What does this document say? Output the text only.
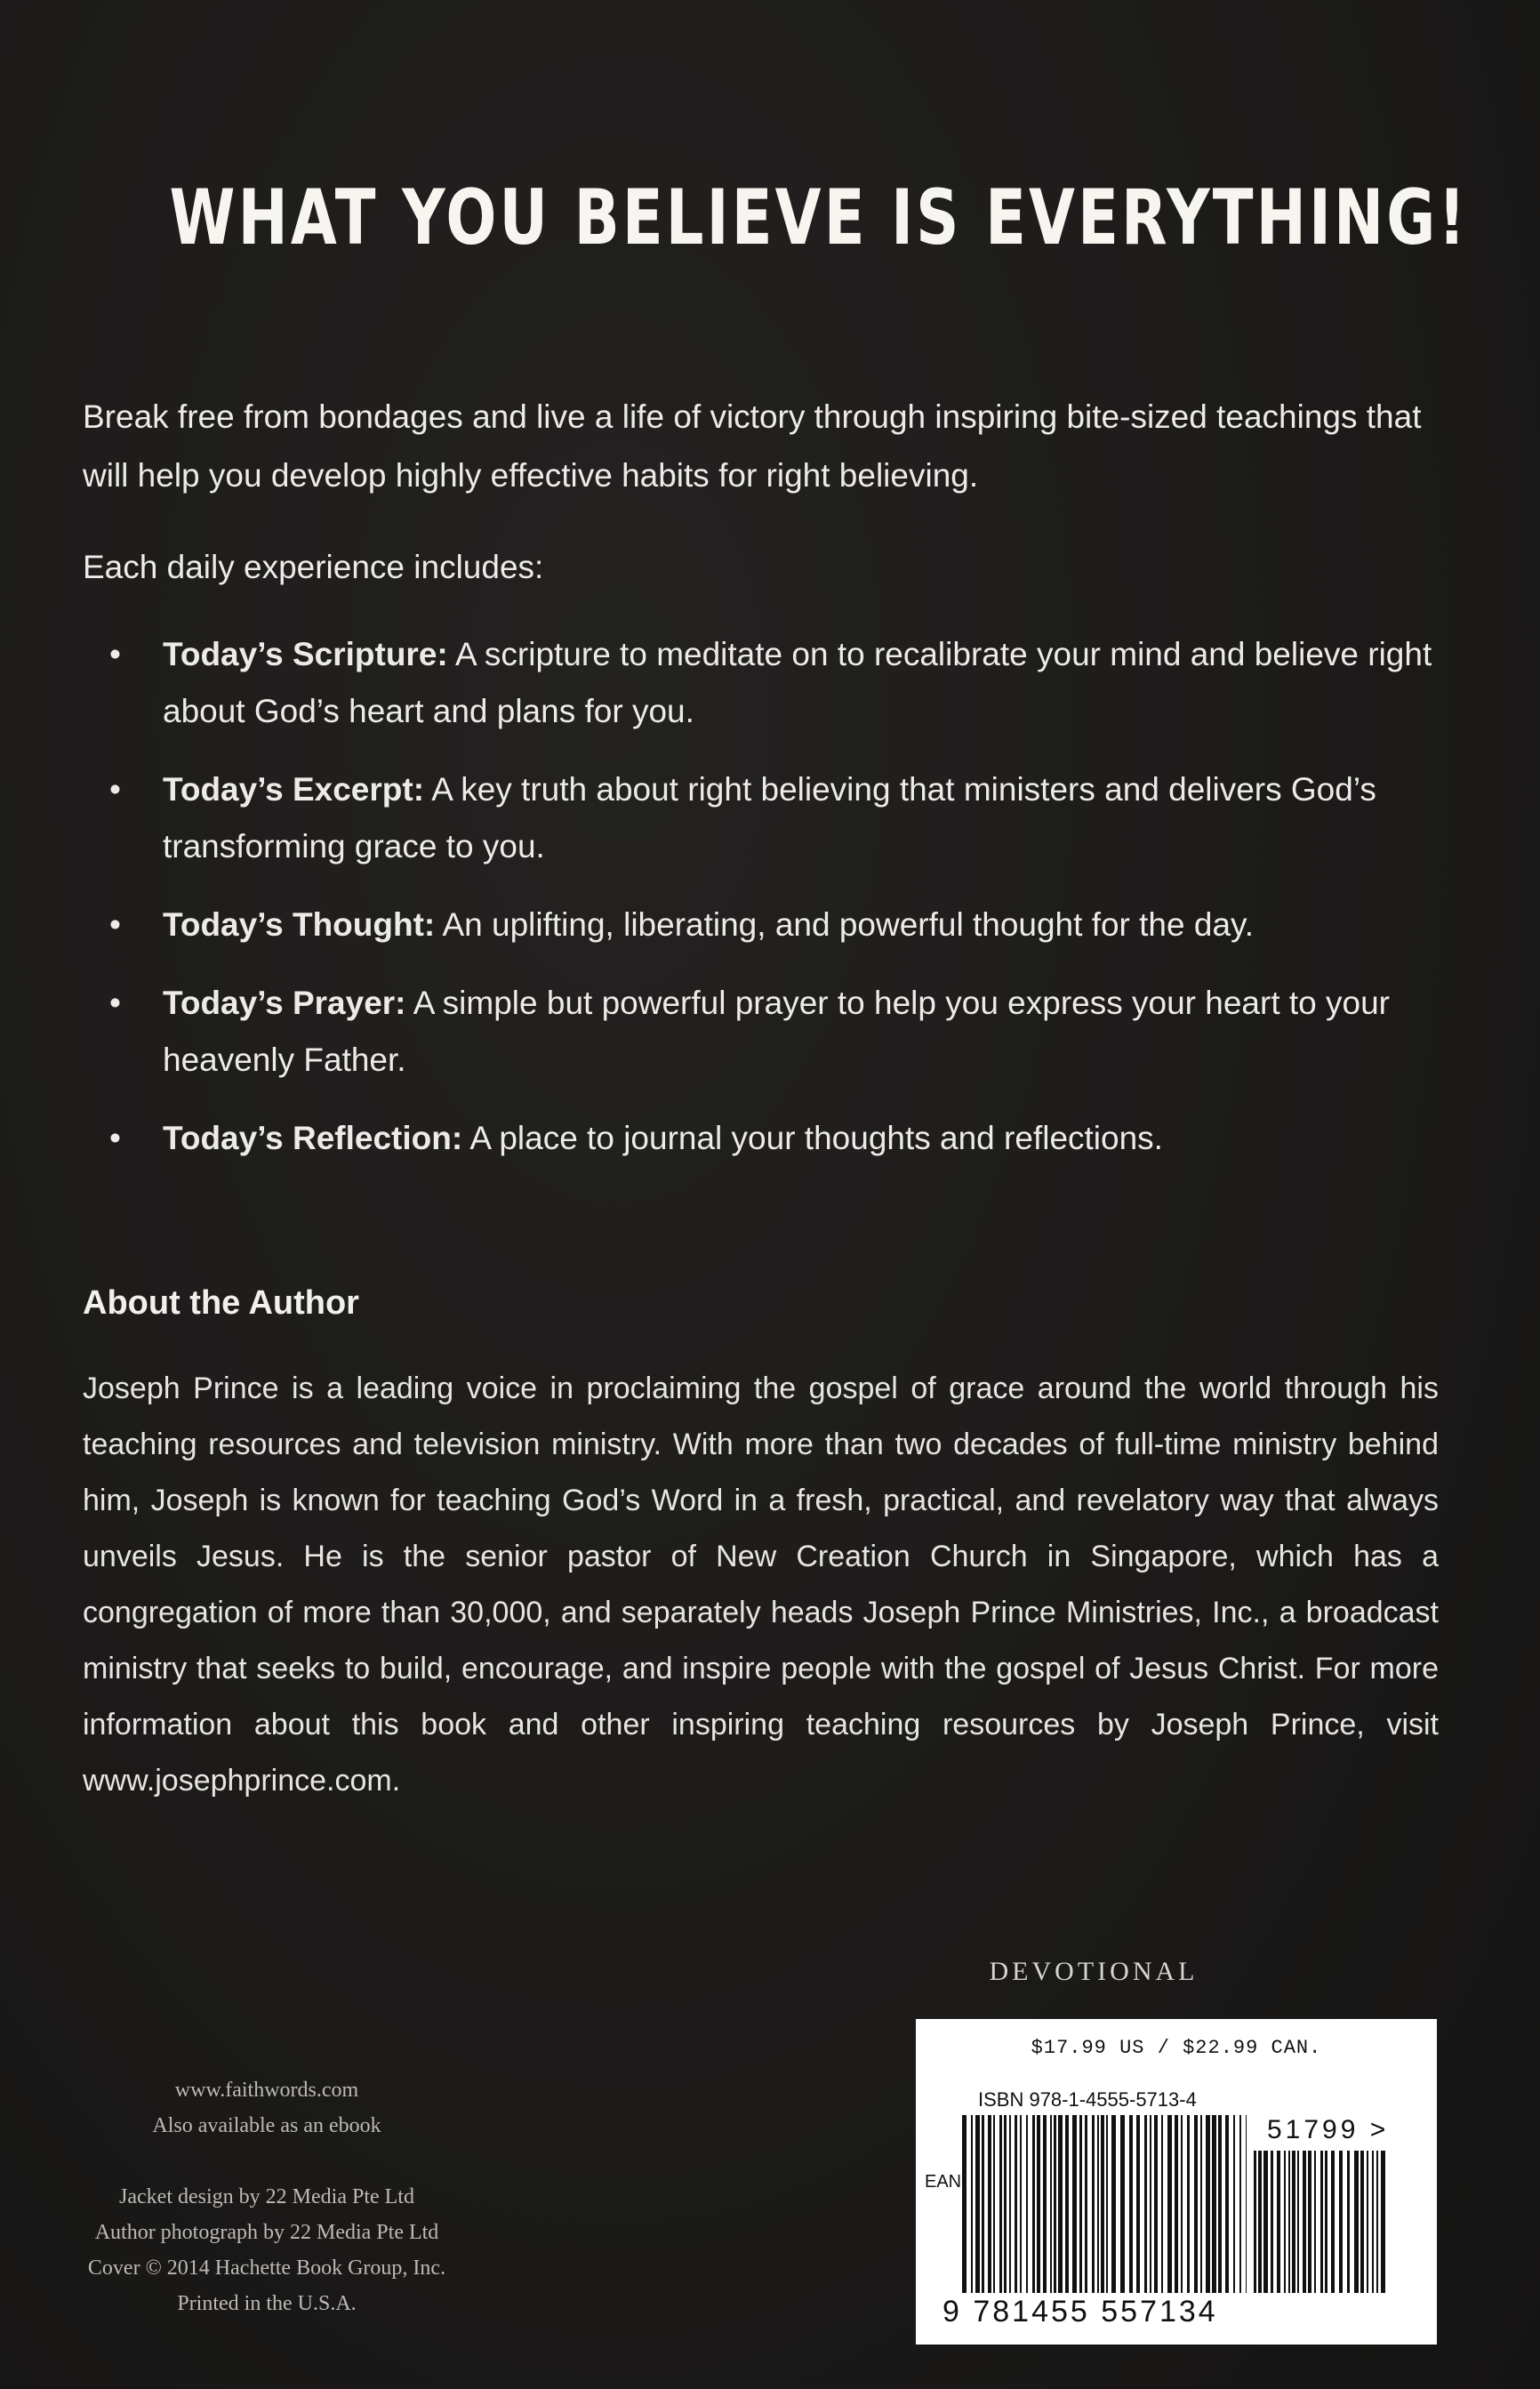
WHAT YOU BELIEVE IS EVERYTHING!
Break free from bondages and live a life of victory through inspiring bite-sized teachings that will help you develop highly effective habits for right believing.
Each daily experience includes:
• Today’s Scripture: A scripture to meditate on to recalibrate your mind and believe right about God’s heart and plans for you.
• Today’s Excerpt: A key truth about right believing that ministers and delivers God’s transforming grace to you.
• Today’s Thought: An uplifting, liberating, and powerful thought for the day.
• Today’s Prayer: A simple but powerful prayer to help you express your heart to your heavenly Father.
• Today’s Reflection: A place to journal your thoughts and reflections.
About the Author
Joseph Prince is a leading voice in proclaiming the gospel of grace around the world through his teaching resources and television ministry. With more than two decades of full-time ministry behind him, Joseph is known for teaching God’s Word in a fresh, practical, and revelatory way that always unveils Jesus. He is the senior pastor of New Creation Church in Singapore, which has a congregation of more than 30,000, and separately heads Joseph Prince Ministries, Inc., a broadcast ministry that seeks to build, encourage, and inspire people with the gospel of Jesus Christ. For more information about this book and other inspiring teaching resources by Joseph Prince, visit www.josephprince.com.
www.faithwords.com
Also available as an ebook
Jacket design by 22 Media Pte Ltd
Author photograph by 22 Media Pte Ltd
Cover © 2014 Hachette Book Group, Inc.
Printed in the U.S.A.
DEVOTIONAL
$17.99 US / $22.99 CAN.
ISBN 978-1-4555-5713-4
EAN
51799 >
9 781455 557134
